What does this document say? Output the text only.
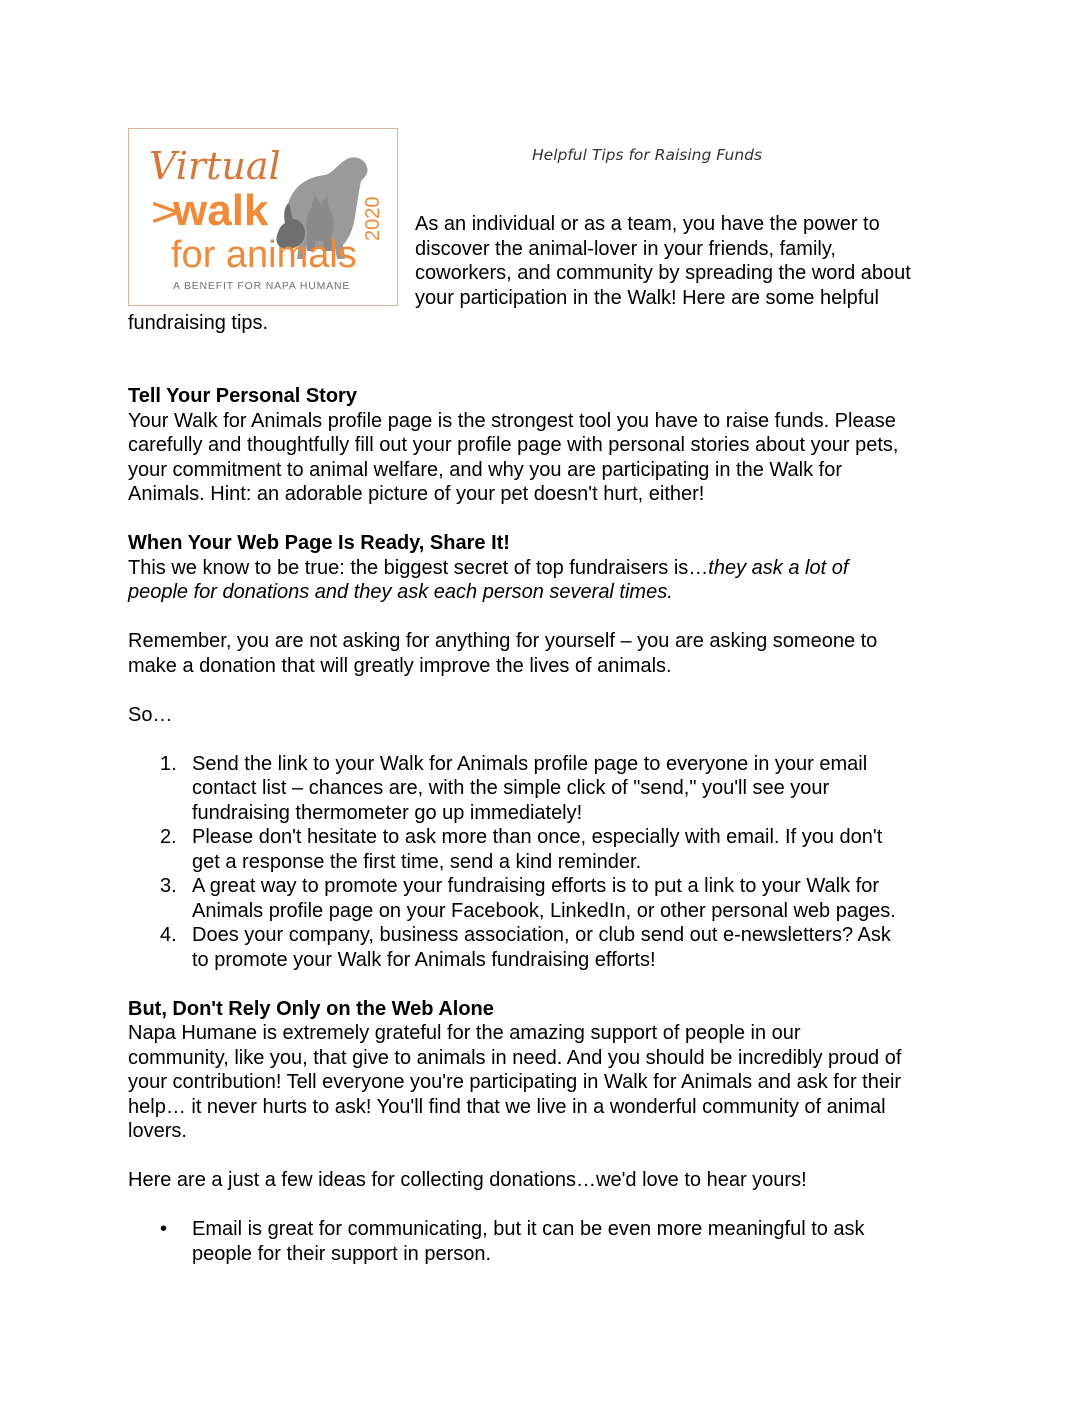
Virtual
>
walk
for animals
2020
A BENEFIT FOR NAPA HUMANE
Helpful Tips for Raising Funds
As an individual or as a team, you have the power to
discover the animal-lover in your friends, family,
coworkers, and community by spreading the word about
your participation in the Walk! Here are some helpful
fundraising tips.

Tell Your Personal Story

Your Walk for Animals profile page is the strongest tool you have to raise funds. Please

carefully and thoughtfully fill out your profile page with personal stories about your pets,

your commitment to animal welfare, and why you are participating in the Walk for

Animals. Hint: an adorable picture of your pet doesn't hurt, either!

When Your Web Page Is Ready, Share It!

This we know to be true: the biggest secret of top fundraisers is…they ask a lot of

people for donations and they ask each person several times.

Remember, you are not asking for anything for yourself – you are asking someone to

make a donation that will greatly improve the lives of animals.

So…

1. Send the link to your Walk for Animals profile page to everyone in your email
contact list – chances are, with the simple click of "send," you'll see your
fundraising thermometer go up immediately!
2. Please don't hesitate to ask more than once, especially with email. If you don't
get a response the first time, send a kind reminder.
3. A great way to promote your fundraising efforts is to put a link to your Walk for
Animals profile page on your Facebook, LinkedIn, or other personal web pages.
4. Does your company, business association, or club send out e-newsletters? Ask
to promote your Walk for Animals fundraising efforts!

But, Don't Rely Only on the Web Alone

Napa Humane is extremely grateful for the amazing support of people in our

community, like you, that give to animals in need. And you should be incredibly proud of

your contribution! Tell everyone you're participating in Walk for Animals and ask for their

help… it never hurts to ask! You'll find that we live in a wonderful community of animal

lovers.

Here are a just a few ideas for collecting donations…we'd love to hear yours!

• Email is great for communicating, but it can be even more meaningful to ask
people for their support in person.
